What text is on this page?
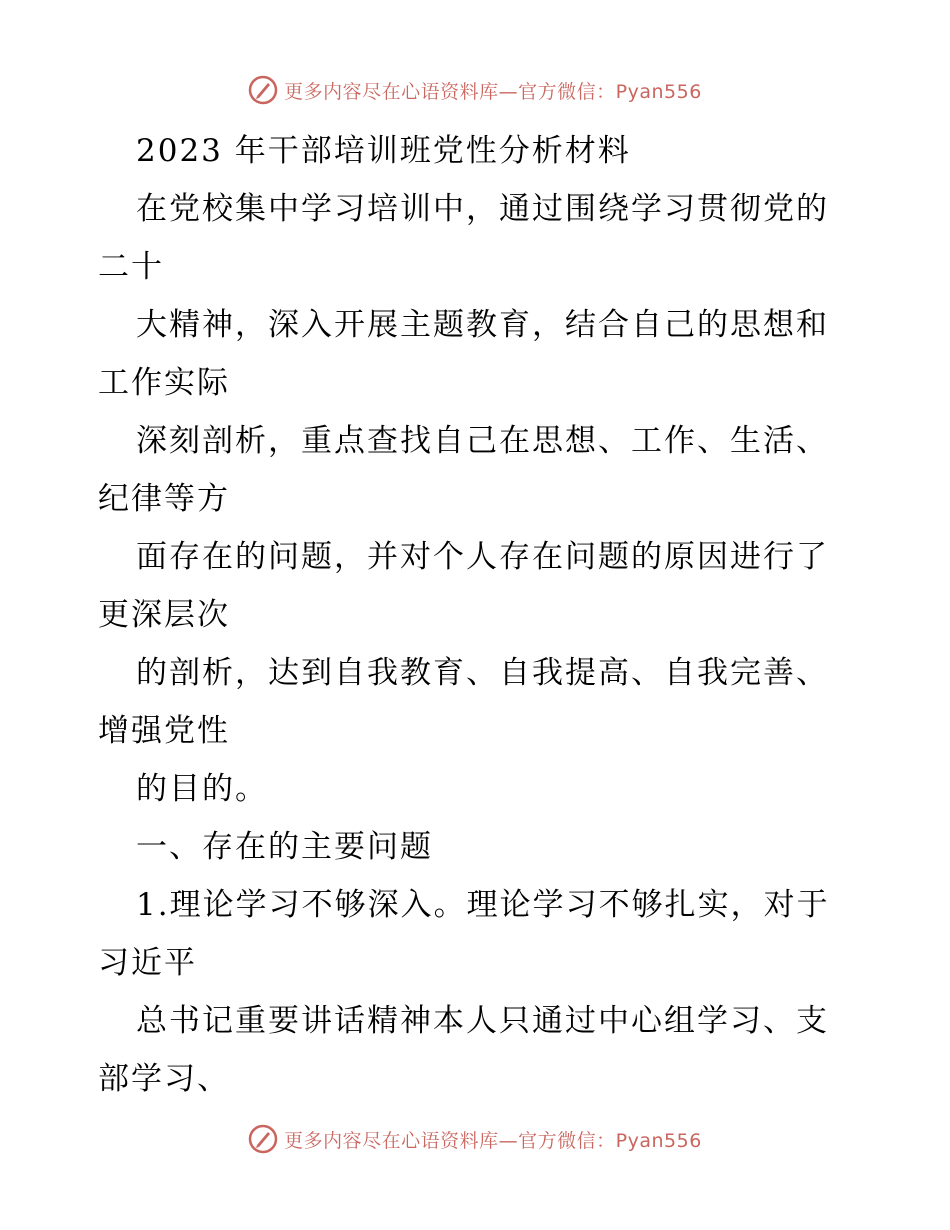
更多内容尽在心语资料库—官方微信：Pyan556
2023 年干部培训班党性分析材料
在党校集中学习培训中，通过围绕学习贯彻党的
二十
大精神，深入开展主题教育，结合自己的思想和
工作实际
深刻剖析，重点查找自己在思想、工作、生活、
纪律等方
面存在的问题，并对个人存在问题的原因进行了
更深层次
的剖析，达到自我教育、自我提高、自我完善、
增强党性
的目的。
一、存在的主要问题
1.理论学习不够深入。理论学习不够扎实，对于
习近平
总书记重要讲话精神本人只通过中心组学习、支
部学习、
更多内容尽在心语资料库—官方微信：Pyan556
